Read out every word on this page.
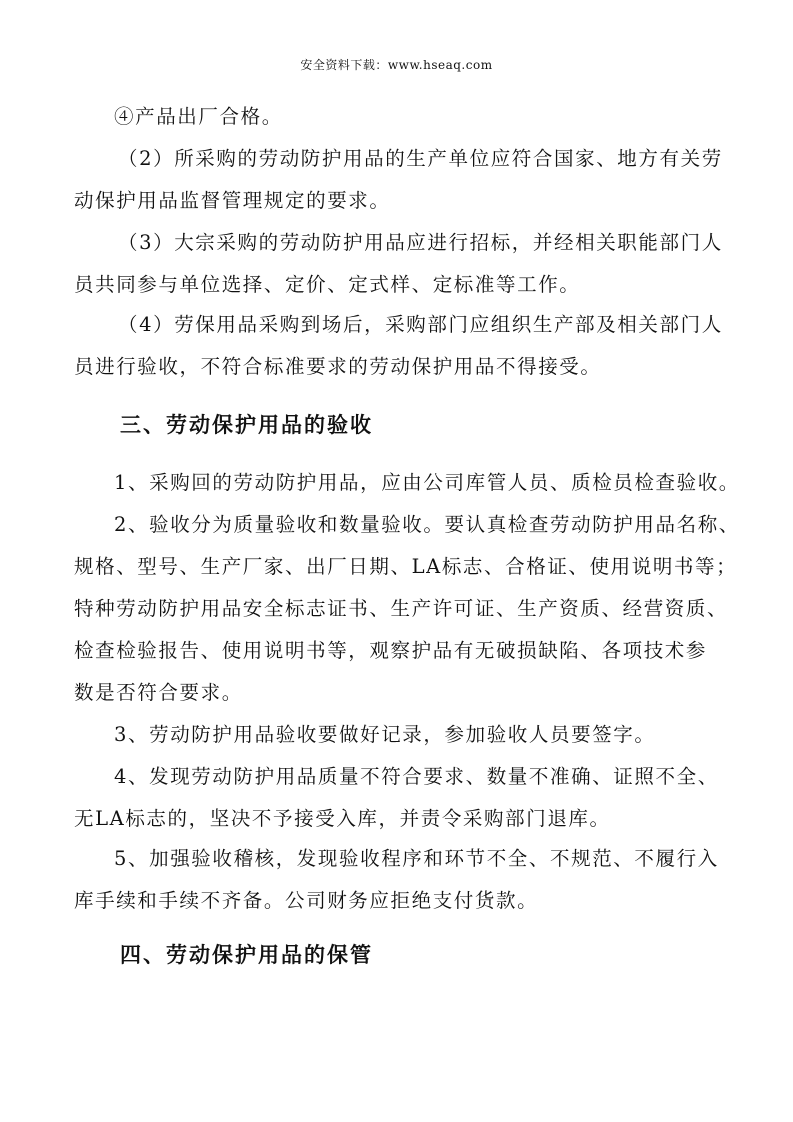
安全资料下载：www.hseaq.com

④产品出厂合格。

（2）所采购的劳动防护用品的生产单位应符合国家、地方有关劳
动保护用品监督管理规定的要求。

（3）大宗采购的劳动防护用品应进行招标，并经相关职能部门人
员共同参与单位选择、定价、定式样、定标准等工作。

（4）劳保用品采购到场后，采购部门应组织生产部及相关部门人
员进行验收，不符合标准要求的劳动保护用品不得接受。

三、劳动保护用品的验收

1、采购回的劳动防护用品，应由公司库管人员、质检员检查验收。

2、验收分为质量验收和数量验收。要认真检查劳动防护用品名称、
规格、型号、生产厂家、出厂日期、LA标志、合格证、使用说明书等；
特种劳动防护用品安全标志证书、生产许可证、生产资质、经营资质、
检查检验报告、使用说明书等，观察护品有无破损缺陷、各项技术参
数是否符合要求。

3、劳动防护用品验收要做好记录，参加验收人员要签字。

4、发现劳动防护用品质量不符合要求、数量不准确、证照不全、
无LA标志的，坚决不予接受入库，并责令采购部门退库。

5、加强验收稽核，发现验收程序和环节不全、不规范、不履行入
库手续和手续不齐备。公司财务应拒绝支付货款。

四、劳动保护用品的保管
